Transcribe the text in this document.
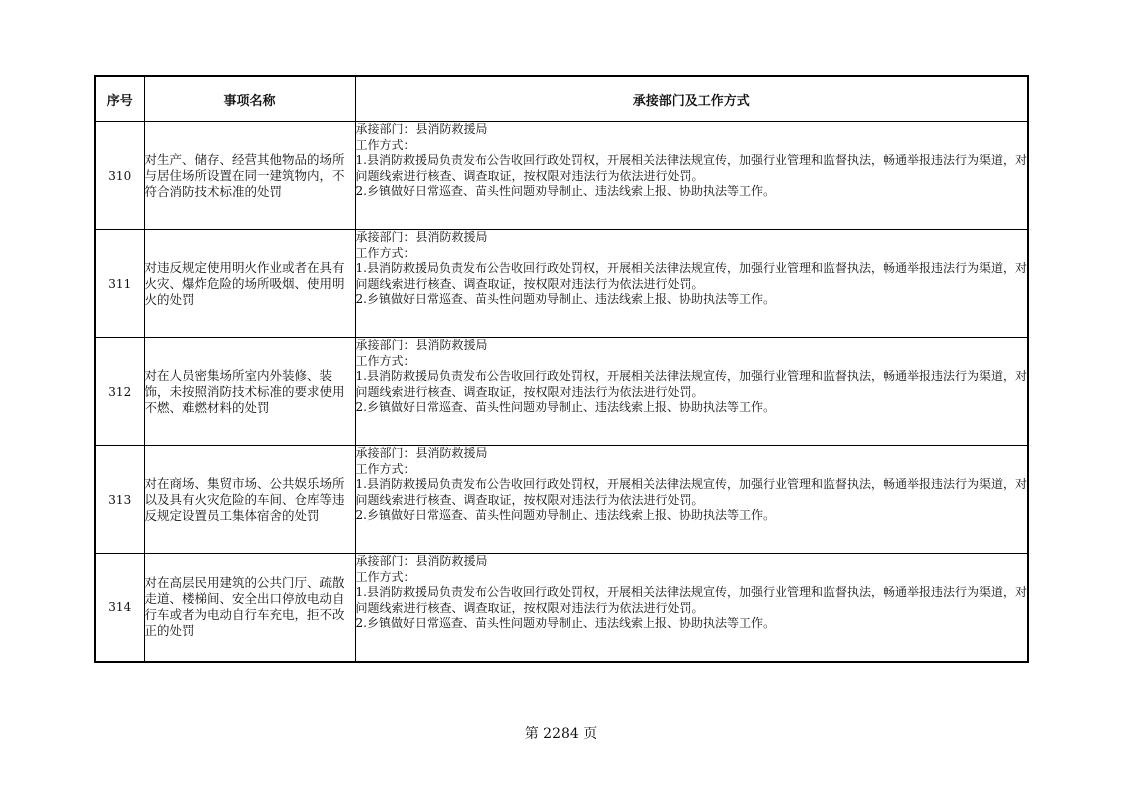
序号	事项名称	承接部门及工作方式
310	对生产、储存、经营其他物品的场所与居住场所设置在同一建筑物内，不符合消防技术标准的处罚	承接部门：县消防救援局
工作方式：
1.县消防救援局负责发布公告收回行政处罚权，开展相关法律法规宣传，加强行业管理和监督执法，畅通举报违法行为渠道，对问题线索进行核查、调查取证，按权限对违法行为依法进行处罚。
2.乡镇做好日常巡查、苗头性问题劝导制止、违法线索上报、协助执法等工作。

311	对违反规定使用明火作业或者在具有火灾、爆炸危险的场所吸烟、使用明火的处罚	承接部门：县消防救援局
工作方式：
1.县消防救援局负责发布公告收回行政处罚权，开展相关法律法规宣传，加强行业管理和监督执法，畅通举报违法行为渠道，对问题线索进行核查、调查取证，按权限对违法行为依法进行处罚。
2.乡镇做好日常巡查、苗头性问题劝导制止、违法线索上报、协助执法等工作。

312	对在人员密集场所室内外装修、装饰，未按照消防技术标准的要求使用不燃、难燃材料的处罚	承接部门：县消防救援局
工作方式：
1.县消防救援局负责发布公告收回行政处罚权，开展相关法律法规宣传，加强行业管理和监督执法，畅通举报违法行为渠道，对问题线索进行核查、调查取证，按权限对违法行为依法进行处罚。
2.乡镇做好日常巡查、苗头性问题劝导制止、违法线索上报、协助执法等工作。

313	对在商场、集贸市场、公共娱乐场所以及具有火灾危险的车间、仓库等违反规定设置员工集体宿舍的处罚	承接部门：县消防救援局
工作方式：
1.县消防救援局负责发布公告收回行政处罚权，开展相关法律法规宣传，加强行业管理和监督执法，畅通举报违法行为渠道，对问题线索进行核查、调查取证，按权限对违法行为依法进行处罚。
2.乡镇做好日常巡查、苗头性问题劝导制止、违法线索上报、协助执法等工作。

314	对在高层民用建筑的公共门厅、疏散走道、楼梯间、安全出口停放电动自行车或者为电动自行车充电，拒不改正的处罚	承接部门：县消防救援局
工作方式：
1.县消防救援局负责发布公告收回行政处罚权，开展相关法律法规宣传，加强行业管理和监督执法，畅通举报违法行为渠道，对问题线索进行核查、调查取证，按权限对违法行为依法进行处罚。
2.乡镇做好日常巡查、苗头性问题劝导制止、违法线索上报、协助执法等工作。
第 2284 页
